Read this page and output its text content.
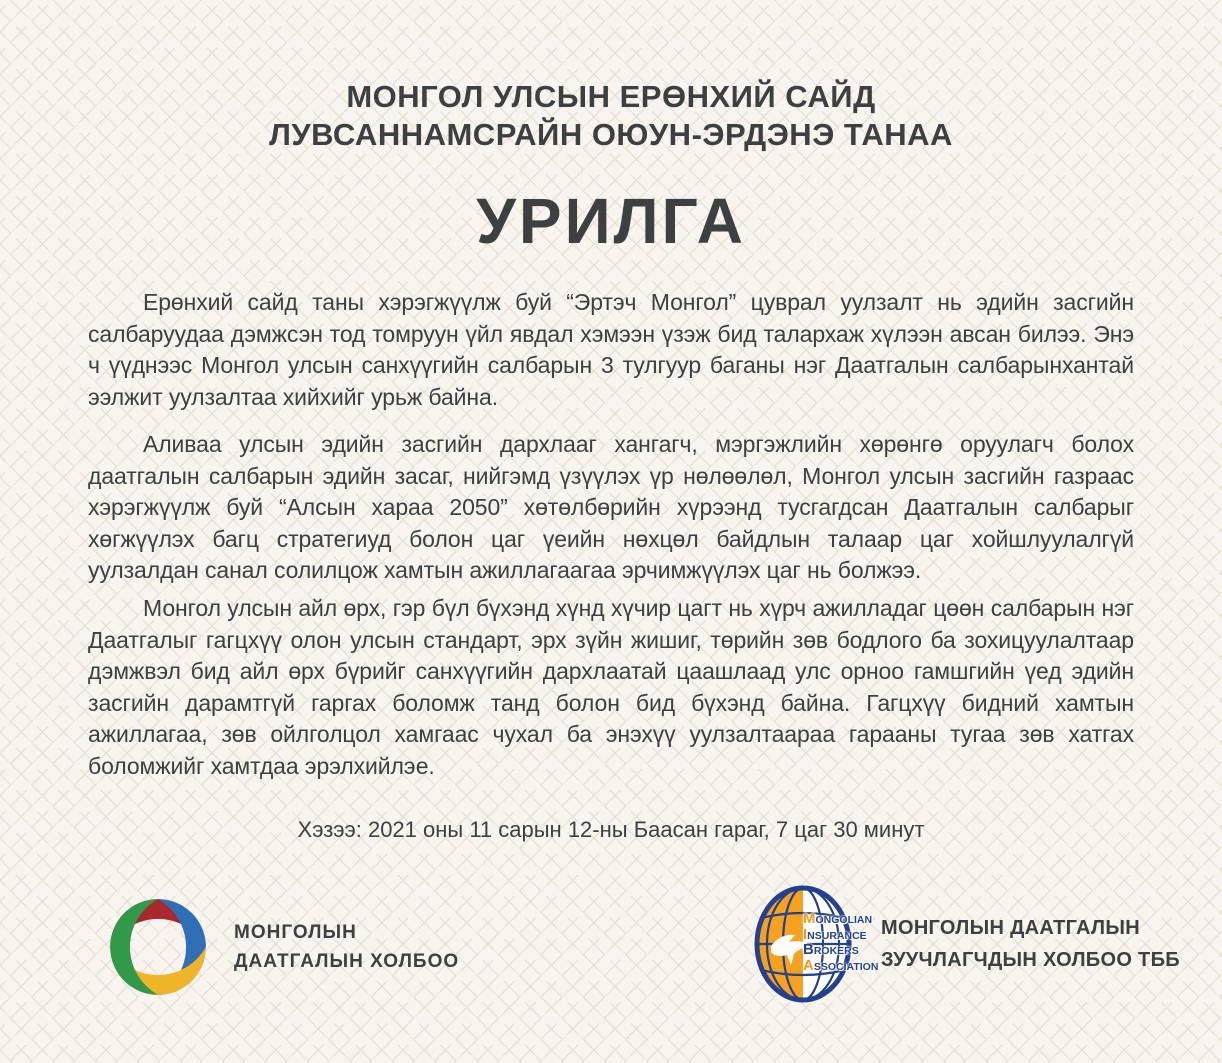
МОНГОЛ УЛСЫН ЕРӨНХИЙ САЙД
ЛУВСАННАМСРАЙН ОЮУН-ЭРДЭНЭ ТАНАА
УРИЛГА

Ерөнхий сайд таны хэрэгжүүлж буй “Эртэч Монгол” цуврал уулзалт нь эдийн засгийн салбаруудаа дэмжсэн тод томруун үйл явдал хэмээн үзэж бид талархаж хүлээн авсан билээ. Энэ ч үүднээс Монгол улсын санхүүгийн салбарын 3 тулгуур баганы нэг Даатгалын салбарынхантай ээлжит уулзалтаа хийхийг урьж байна.

Аливаа улсын эдийн засгийн дархлааг хангагч, мэргэжлийн хөрөнгө оруулагч болох даатгалын салбарын эдийн засаг, нийгэмд үзүүлэх үр нөлөөлөл, Монгол улсын засгийн газраас хэрэгжүүлж буй “Алсын хараа 2050” хөтөлбөрийн хүрээнд тусгагдсан Даатгалын салбарыг хөгжүүлэх багц стратегиуд болон цаг үеийн нөхцөл байдлын талаар цаг хойшлуулалгүй уулзалдан санал солилцож хамтын ажиллагаагаа эрчимжүүлэх цаг нь болжээ.

Монгол улсын айл өрх, гэр бүл бүхэнд хүнд хүчир цагт нь хүрч ажилладаг цөөн салбарын нэг Даатгалыг гагцхүү олон улсын стандарт, эрх зүйн жишиг, төрийн зөв бодлого ба зохицуулалтаар дэмжвэл бид айл өрх бүрийг санхүүгийн дархлаатай цаашлаад улс орноо гамшгийн үед эдийн засгийн дарамтгүй гаргах боломж танд болон бид бүхэнд байна. Гагцхүү бидний хамтын ажиллагаа, зөв ойлголцол хамгаас чухал ба энэхүү уулзалтаараа гарааны тугаа зөв хатгах боломжийг хамтдаа эрэлхийлэе.

Хэзээ: 2021 оны 11 сарын 12-ны Баасан гараг, 7 цаг 30 минут
МОНГОЛЫН
ДААТГАЛЫН ХОЛБОО
MONGOLIAN
INSURANCE
BROKERS
ASSOCIATION
МОНГОЛЫН ДААТГАЛЫН
ЗУУЧЛАГЧДЫН ХОЛБОО ТББ
